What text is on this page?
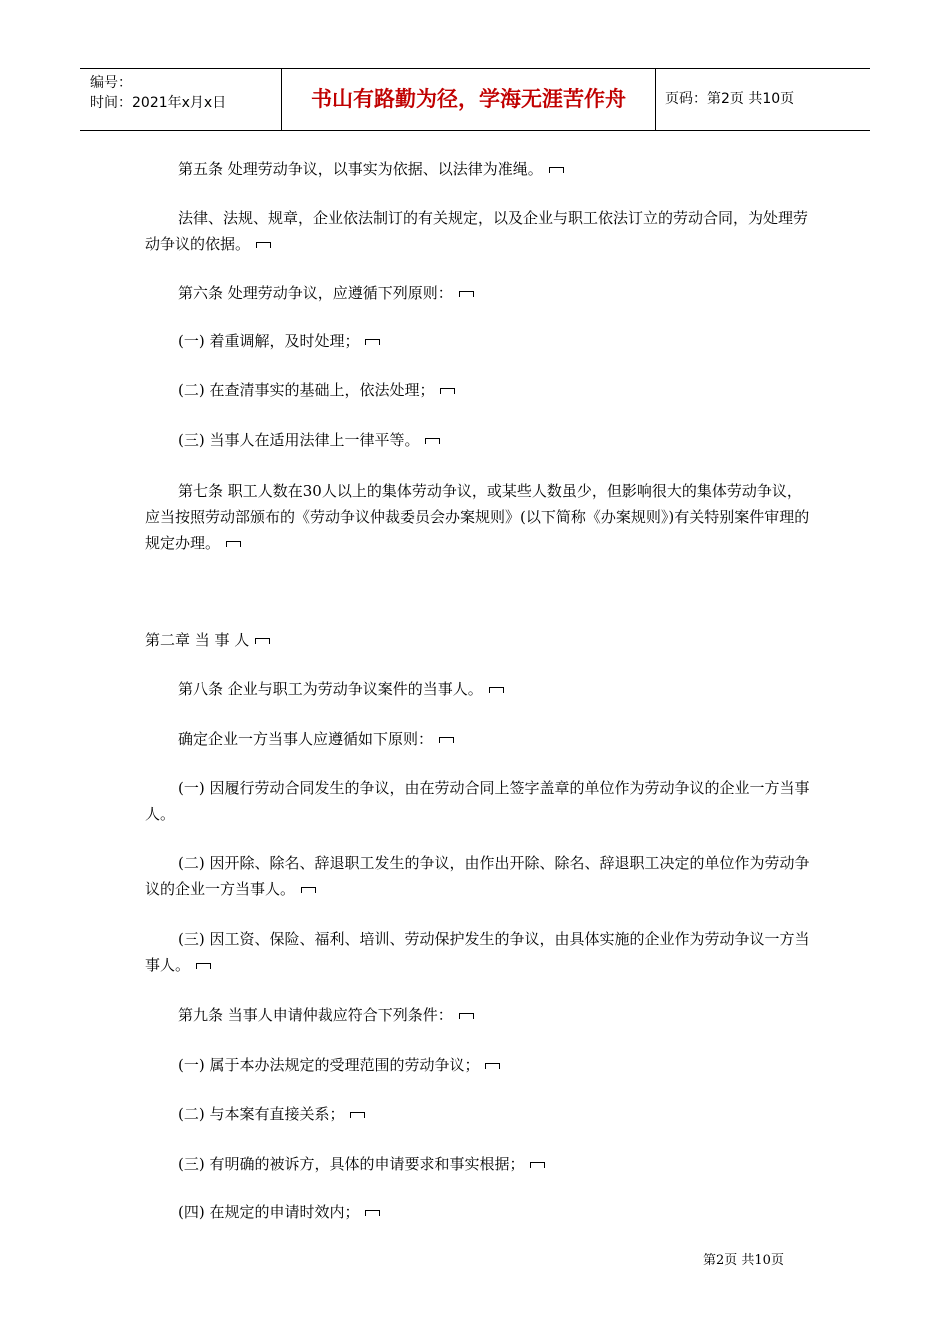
编号：
时间：2021年x月x日	书山有路勤为径，学海无涯苦作舟	页码：第2页 共10页

第五条 处理劳动争议，以事实为依据、以法律为准绳。

法律、法规、规章，企业依法制订的有关规定，以及企业与职工依法订立的劳动合同，为处理劳动争议的依据。

第六条 处理劳动争议，应遵循下列原则：

(一) 着重调解，及时处理；

(二) 在查清事实的基础上，依法处理；

(三) 当事人在适用法律上一律平等。

第七条 职工人数在30人以上的集体劳动争议，或某些人数虽少，但影响很大的集体劳动争议，应当按照劳动部颁布的《劳动争议仲裁委员会办案规则》(以下简称《办案规则》)有关特别案件审理的规定办理。

第二章 当 事 人

第八条 企业与职工为劳动争议案件的当事人。

确定企业一方当事人应遵循如下原则：

(一) 因履行劳动合同发生的争议，由在劳动合同上签字盖章的单位作为劳动争议的企业一方当事人。

(二) 因开除、除名、辞退职工发生的争议，由作出开除、除名、辞退职工决定的单位作为劳动争议的企业一方当事人。

(三) 因工资、保险、福利、培训、劳动保护发生的争议，由具体实施的企业作为劳动争议一方当事人。

第九条 当事人申请仲裁应符合下列条件：

(一) 属于本办法规定的受理范围的劳动争议；

(二) 与本案有直接关系；

(三) 有明确的被诉方，具体的申请要求和事实根据；

(四) 在规定的申请时效内；

第2页 共10页
